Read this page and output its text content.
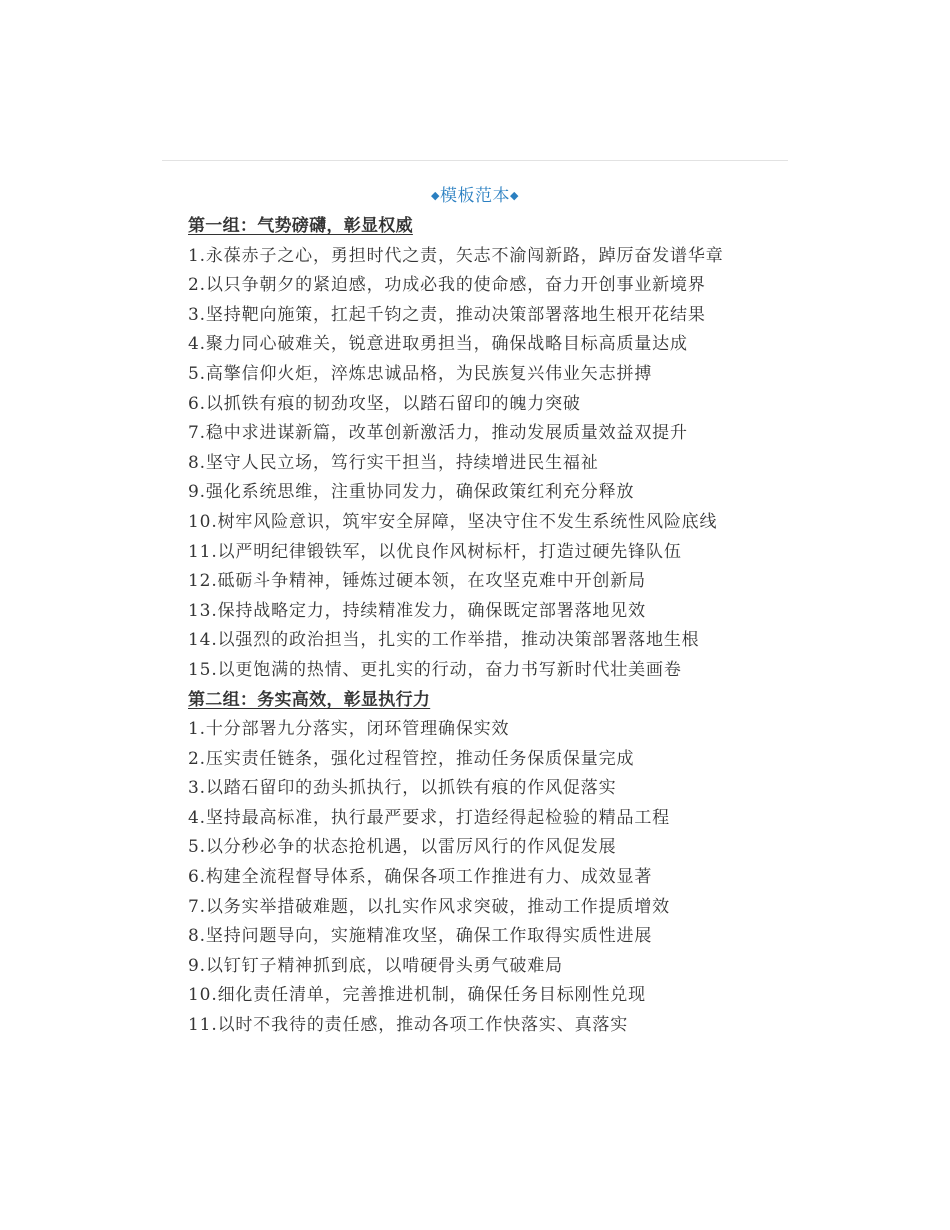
◆模板范本◆

第一组：气势磅礴，彰显权威

1.永葆赤子之心，勇担时代之责，矢志不渝闯新路，踔厉奋发谱华章

2.以只争朝夕的紧迫感，功成必我的使命感，奋力开创事业新境界

3.坚持靶向施策，扛起千钧之责，推动决策部署落地生根开花结果

4.聚力同心破难关，锐意进取勇担当，确保战略目标高质量达成

5.高擎信仰火炬，淬炼忠诚品格，为民族复兴伟业矢志拼搏

6.以抓铁有痕的韧劲攻坚，以踏石留印的魄力突破

7.稳中求进谋新篇，改革创新激活力，推动发展质量效益双提升

8.坚守人民立场，笃行实干担当，持续增进民生福祉

9.强化系统思维，注重协同发力，确保政策红利充分释放

10.树牢风险意识，筑牢安全屏障，坚决守住不发生系统性风险底线

11.以严明纪律锻铁军，以优良作风树标杆，打造过硬先锋队伍

12.砥砺斗争精神，锤炼过硬本领，在攻坚克难中开创新局

13.保持战略定力，持续精准发力，确保既定部署落地见效

14.以强烈的政治担当，扎实的工作举措，推动决策部署落地生根

15.以更饱满的热情、更扎实的行动，奋力书写新时代壮美画卷

第二组：务实高效，彰显执行力

1.十分部署九分落实，闭环管理确保实效

2.压实责任链条，强化过程管控，推动任务保质保量完成

3.以踏石留印的劲头抓执行，以抓铁有痕的作风促落实

4.坚持最高标准，执行最严要求，打造经得起检验的精品工程

5.以分秒必争的状态抢机遇，以雷厉风行的作风促发展

6.构建全流程督导体系，确保各项工作推进有力、成效显著

7.以务实举措破难题，以扎实作风求突破，推动工作提质增效

8.坚持问题导向，实施精准攻坚，确保工作取得实质性进展

9.以钉钉子精神抓到底，以啃硬骨头勇气破难局

10.细化责任清单，完善推进机制，确保任务目标刚性兑现

11.以时不我待的责任感，推动各项工作快落实、真落实
